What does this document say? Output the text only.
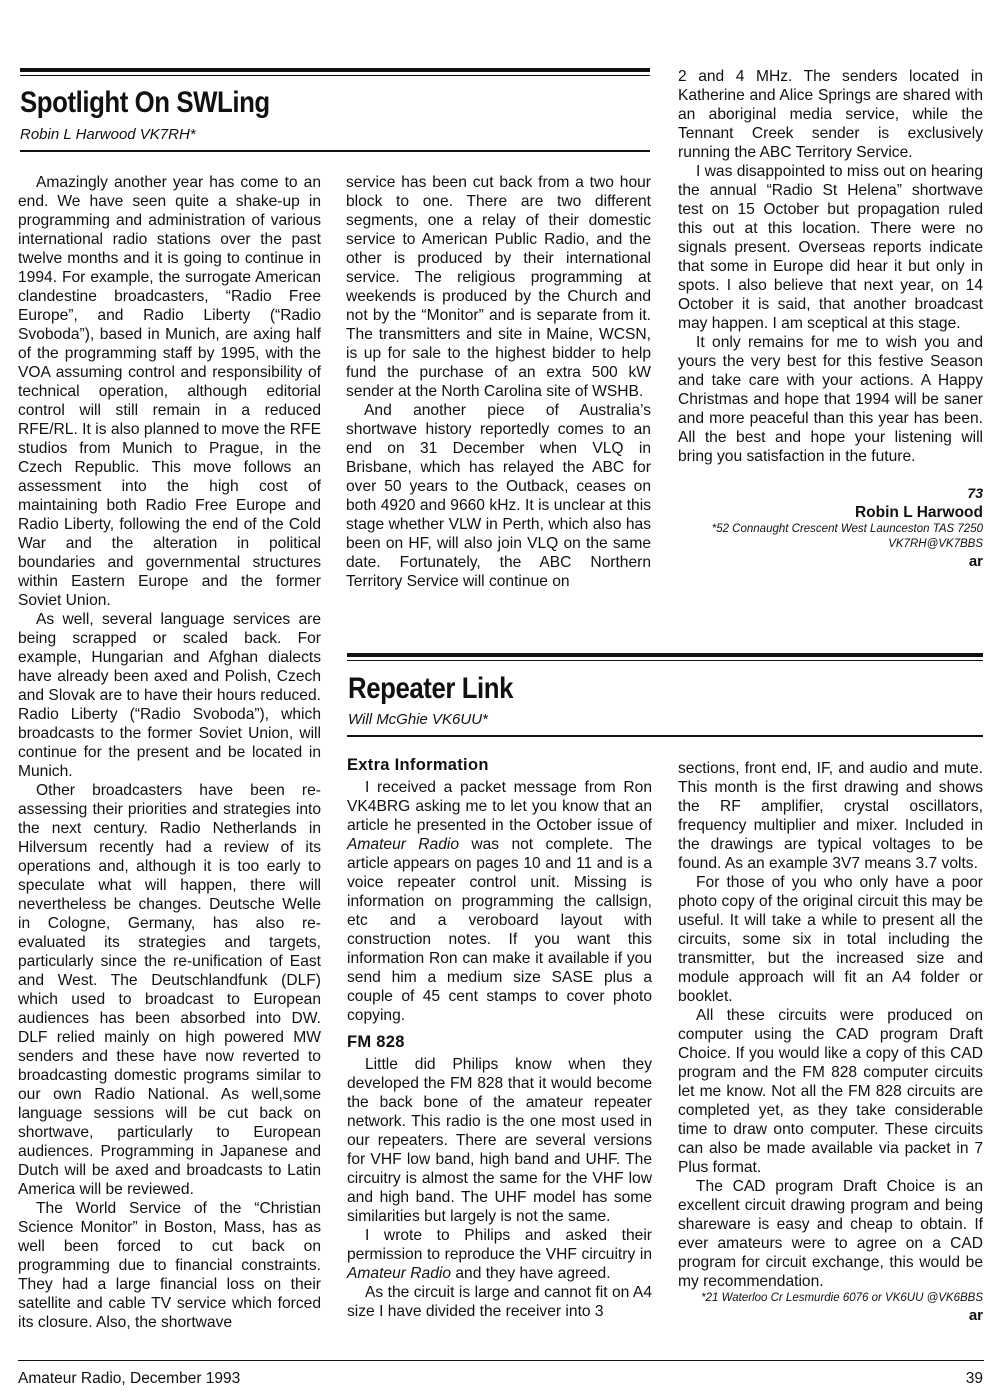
Spotlight On SWLing
Robin L Harwood VK7RH*

Amazingly another year has come to an end. We have seen quite a shake-up in programming and administration of various international radio stations over the past twelve months and it is going to continue in 1994. For example, the surrogate American clandestine broadcasters, “Radio Free Europe”, and Radio Liberty (“Radio Svoboda”), based in Munich, are axing half of the programming staff by 1995, with the VOA assuming control and responsibility of technical operation, although editorial control will still remain in a reduced RFE/RL. It is also planned to move the RFE studios from Munich to Prague, in the Czech Republic. This move follows an assessment into the high cost of maintaining both Radio Free Europe and Radio Liberty, following the end of the Cold War and the alteration in political boundaries and governmental structures within Eastern Europe and the former Soviet Union.

As well, several language services are being scrapped or scaled back. For example, Hungarian and Afghan dialects have already been axed and Polish, Czech and Slovak are to have their hours reduced. Radio Liberty (“Radio Svoboda”), which broadcasts to the former Soviet Union, will continue for the present and be located in Munich.

Other broadcasters have been re-assessing their priorities and strategies into the next century. Radio Netherlands in Hilversum recently had a review of its operations and, although it is too early to speculate what will happen, there will nevertheless be changes. Deutsche Welle in Cologne, Germany, has also re-evaluated its strategies and targets, particularly since the re-unification of East and West. The Deutschlandfunk (DLF) which used to broadcast to European audiences has been absorbed into DW. DLF relied mainly on high powered MW senders and these have now reverted to broadcasting domestic programs similar to our own Radio National. As well,some language sessions will be cut back on shortwave, particularly to European audiences. Programming in Japanese and Dutch will be axed and broadcasts to Latin America will be reviewed.

The World Service of the “Christian Science Monitor” in Boston, Mass, has as well been forced to cut back on programming due to financial constraints. They had a large financial loss on their satellite and cable TV service which forced its closure. Also, the shortwave

service has been cut back from a two hour block to one. There are two different segments, one a relay of their domestic service to American Public Radio, and the other is produced by their international service. The religious programming at weekends is produced by the Church and not by the “Monitor” and is separate from it. The transmitters and site in Maine, WCSN, is up for sale to the highest bidder to help fund the purchase of an extra 500 kW sender at the North Carolina site of WSHB.

And another piece of Australia’s shortwave history reportedly comes to an end on 31 December when VLQ in Brisbane, which has relayed the ABC for over 50 years to the Outback, ceases on both 4920 and 9660 kHz. It is unclear at this stage whether VLW in Perth, which also has been on HF, will also join VLQ on the same date. Fortunately, the ABC Northern Territory Service will continue on

2 and 4 MHz. The senders located in Katherine and Alice Springs are shared with an aboriginal media service, while the Tennant Creek sender is exclusively running the ABC Territory Service.

I was disappointed to miss out on hearing the annual “Radio St Helena” shortwave test on 15 October but propagation ruled this out at this location. There were no signals present. Overseas reports indicate that some in Europe did hear it but only in spots. I also believe that next year, on 14 October it is said, that another broadcast may happen. I am sceptical at this stage.

It only remains for me to wish you and yours the very best for this festive Season and take care with your actions. A Happy Christmas and hope that 1994 will be saner and more peaceful than this year has been. All the best and hope your listening will bring you satisfaction in the future.

73
Robin L Harwood
*52 Connaught Crescent West Launceston TAS 7250
VK7RH@VK7BBS
ar
Repeater Link
Will McGhie VK6UU*
Extra Information

I received a packet message from Ron VK4BRG asking me to let you know that an article he presented in the October issue of Amateur Radio was not complete. The article appears on pages 10 and 11 and is a voice repeater control unit. Missing is information on programming the callsign, etc and a veroboard layout with construction notes. If you want this information Ron can make it available if you send him a medium size SASE plus a couple of 45 cent stamps to cover photo copying.

FM 828

Little did Philips know when they developed the FM 828 that it would become the back bone of the amateur repeater network. This radio is the one most used in our repeaters. There are several versions for VHF low band, high band and UHF. The circuitry is almost the same for the VHF low and high band. The UHF model has some similarities but largely is not the same.

I wrote to Philips and asked their permission to reproduce the VHF circuitry in Amateur Radio and they have agreed.

As the circuit is large and cannot fit on A4 size I have divided the receiver into 3

sections, front end, IF, and audio and mute. This month is the first drawing and shows the RF amplifier, crystal oscillators, frequency multiplier and mixer. Included in the drawings are typical voltages to be found. As an example 3V7 means 3.7 volts.

For those of you who only have a poor photo copy of the original circuit this may be useful. It will take a while to present all the circuits, some six in total including the transmitter, but the increased size and module approach will fit an A4 folder or booklet.

All these circuits were produced on computer using the CAD program Draft Choice. If you would like a copy of this CAD program and the FM 828 computer circuits let me know. Not all the FM 828 circuits are completed yet, as they take considerable time to draw onto computer. These circuits can also be made available via packet in 7 Plus format.

The CAD program Draft Choice is an excellent circuit drawing program and being shareware is easy and cheap to obtain. If ever amateurs were to agree on a CAD program for circuit exchange, this would be my recommendation.

*21 Waterloo Cr Lesmurdie 6076 or VK6UU @VK6BBS
ar
Amateur Radio, December 1993	39
